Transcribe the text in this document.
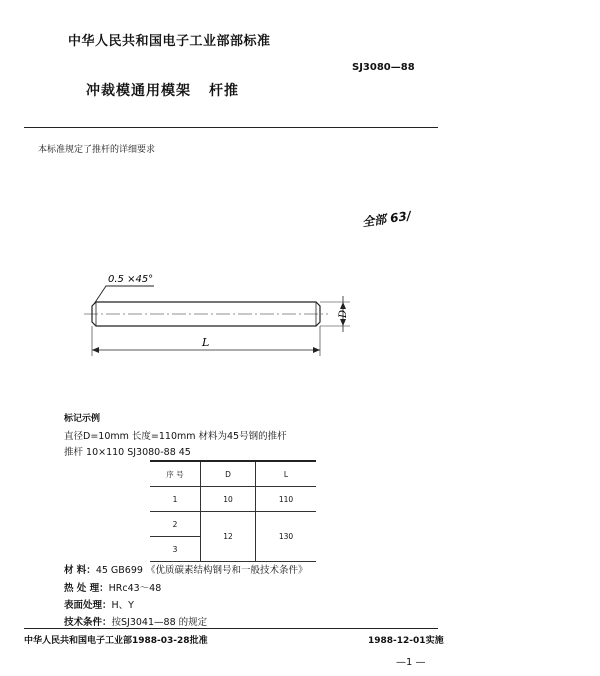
中华人民共和国电子工业部部标准
SJ3080—88
冲裁模通用模架 杆推
本标准规定了推杆的详细要求
全部 63/
0.5 ×45°
L
D
标记示例
直径D=10mm 长度=110mm 材料为45号钢的推杆
推杆 10×110 SJ3080-88 45
序 号	D	L
1	10	110
2	12	130
3		
材 料：45 GB699 《优质碳素结构钢号和一般技术条件》
热 处 理：HRc43～48
表面处理：H、Y
技术条件：按SJ3041—88 的规定
中华人民共和国电子工业部1988-03-28批准	1988-12-01实施
—1 —
